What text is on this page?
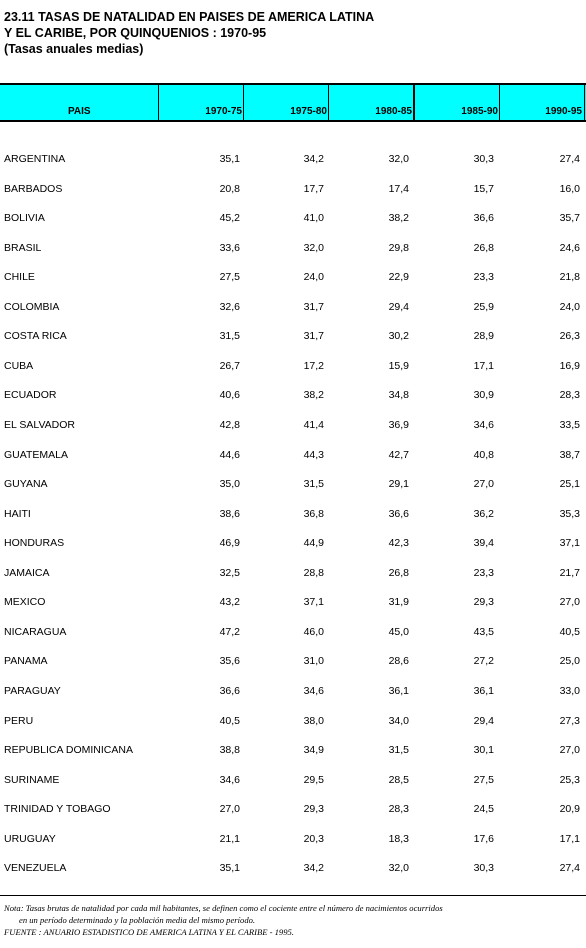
23.11 TASAS DE NATALIDAD EN PAISES DE AMERICA LATINA
Y EL CARIBE, POR QUINQUENIOS : 1970-95
(Tasas anuales medias)
PAIS	1970-75	1975-80	1980-85	1985-90	1990-95
ARGENTINA	35,1	34,2	32,0	30,3	27,4
BARBADOS	20,8	17,7	17,4	15,7	16,0
BOLIVIA	45,2	41,0	38,2	36,6	35,7
BRASIL	33,6	32,0	29,8	26,8	24,6
CHILE	27,5	24,0	22,9	23,3	21,8
COLOMBIA	32,6	31,7	29,4	25,9	24,0
COSTA RICA	31,5	31,7	30,2	28,9	26,3
CUBA	26,7	17,2	15,9	17,1	16,9
ECUADOR	40,6	38,2	34,8	30,9	28,3
EL SALVADOR	42,8	41,4	36,9	34,6	33,5
GUATEMALA	44,6	44,3	42,7	40,8	38,7
GUYANA	35,0	31,5	29,1	27,0	25,1
HAITI	38,6	36,8	36,6	36,2	35,3
HONDURAS	46,9	44,9	42,3	39,4	37,1
JAMAICA	32,5	28,8	26,8	23,3	21,7
MEXICO	43,2	37,1	31,9	29,3	27,0
NICARAGUA	47,2	46,0	45,0	43,5	40,5
PANAMA	35,6	31,0	28,6	27,2	25,0
PARAGUAY	36,6	34,6	36,1	36,1	33,0
PERU	40,5	38,0	34,0	29,4	27,3
REPUBLICA DOMINICANA	38,8	34,9	31,5	30,1	27,0
SURINAME	34,6	29,5	28,5	27,5	25,3
TRINIDAD Y TOBAGO	27,0	29,3	28,3	24,5	20,9
URUGUAY	21,1	20,3	18,3	17,6	17,1
VENEZUELA	35,1	34,2	32,0	30,3	27,4
Nota: Tasas brutas de natalidad por cada mil habitantes, se definen como el cociente entre el número de nacimientos ocurridos
en un período determinado y la población media del mismo período.
FUENTE : ANUARIO ESTADISTICO DE AMERICA LATINA Y EL CARIBE - 1995.
